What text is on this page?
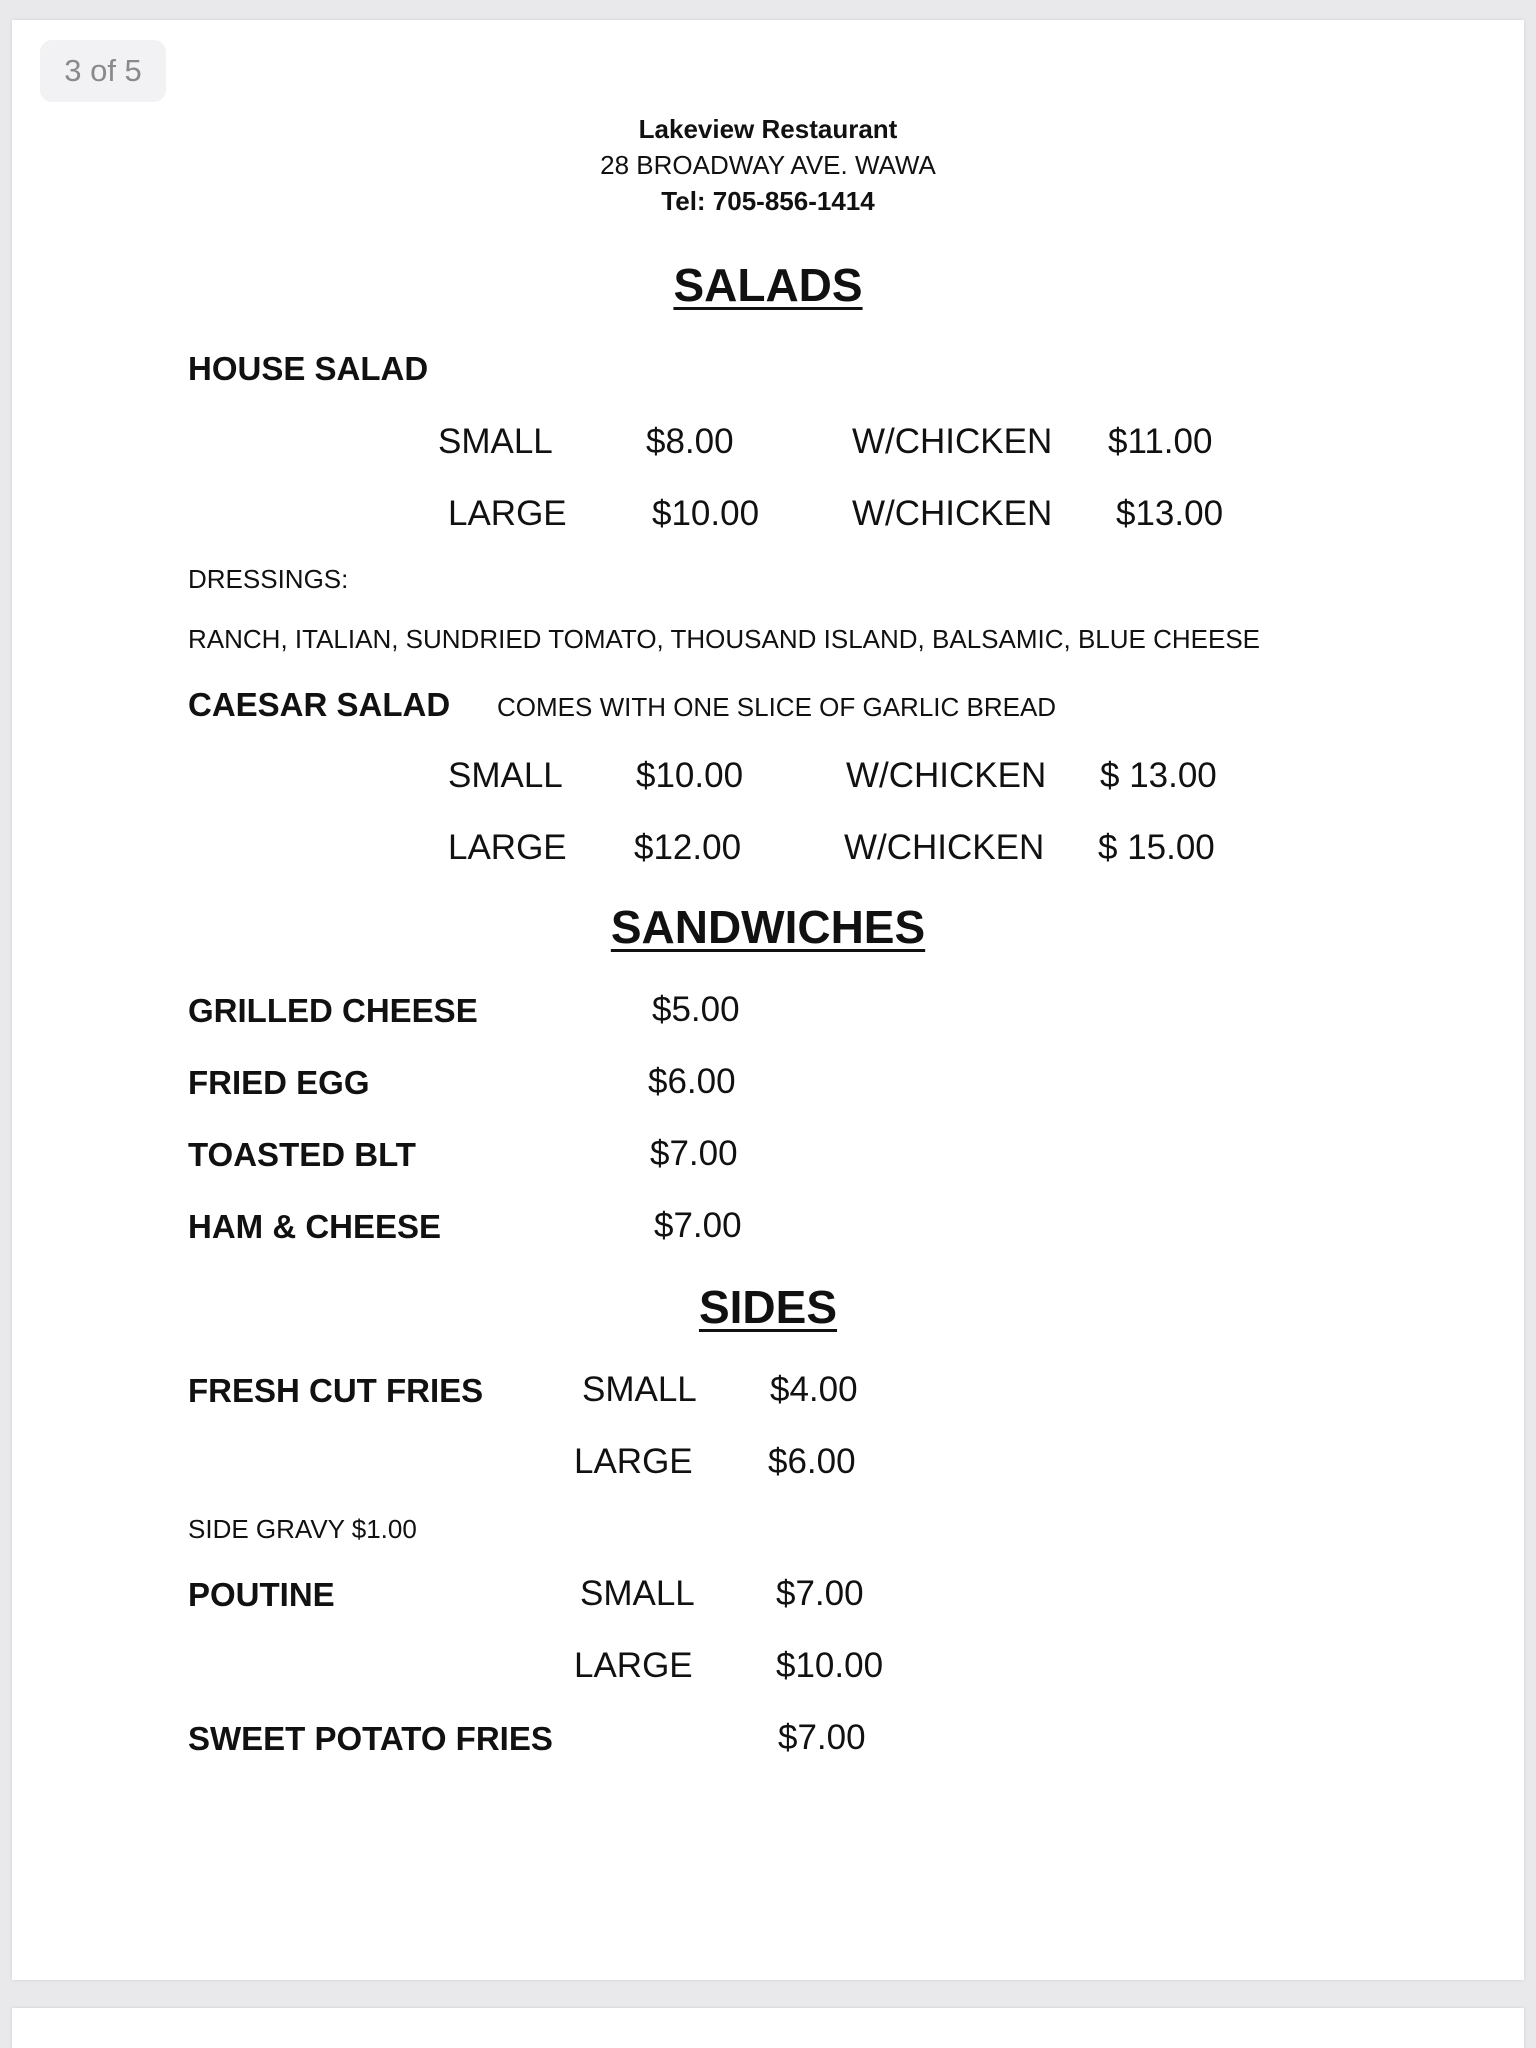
3 of 5
Lakeview Restaurant
28 BROADWAY AVE. WAWA
Tel: 705-856-1414
SALADS
HOUSE SALAD
SMALL	$8.00	W/CHICKEN $11.00
LARGE $10.00	W/CHICKEN $13.00
DRESSINGS:
RANCH, ITALIAN, SUNDRIED TOMATO, THOUSAND ISLAND, BALSAMIC, BLUE CHEESE
CAESAR SALAD COMES WITH ONE SLICE OF GARLIC BREAD
SMALL $10.00	W/CHICKEN $ 13.00
LARGE $12.00	W/CHICKEN $ 15.00
SANDWICHES
GRILLED CHEESE	$5.00
FRIED EGG	$6.00
TOASTED BLT	$7.00
HAM & CHEESE	$7.00
SIDES
FRESH CUT FRIES	SMALL $4.00
LARGE $6.00
SIDE GRAVY $1.00
POUTINE	SMALL $7.00
LARGE $10.00
SWEET POTATO FRIES	$7.00
